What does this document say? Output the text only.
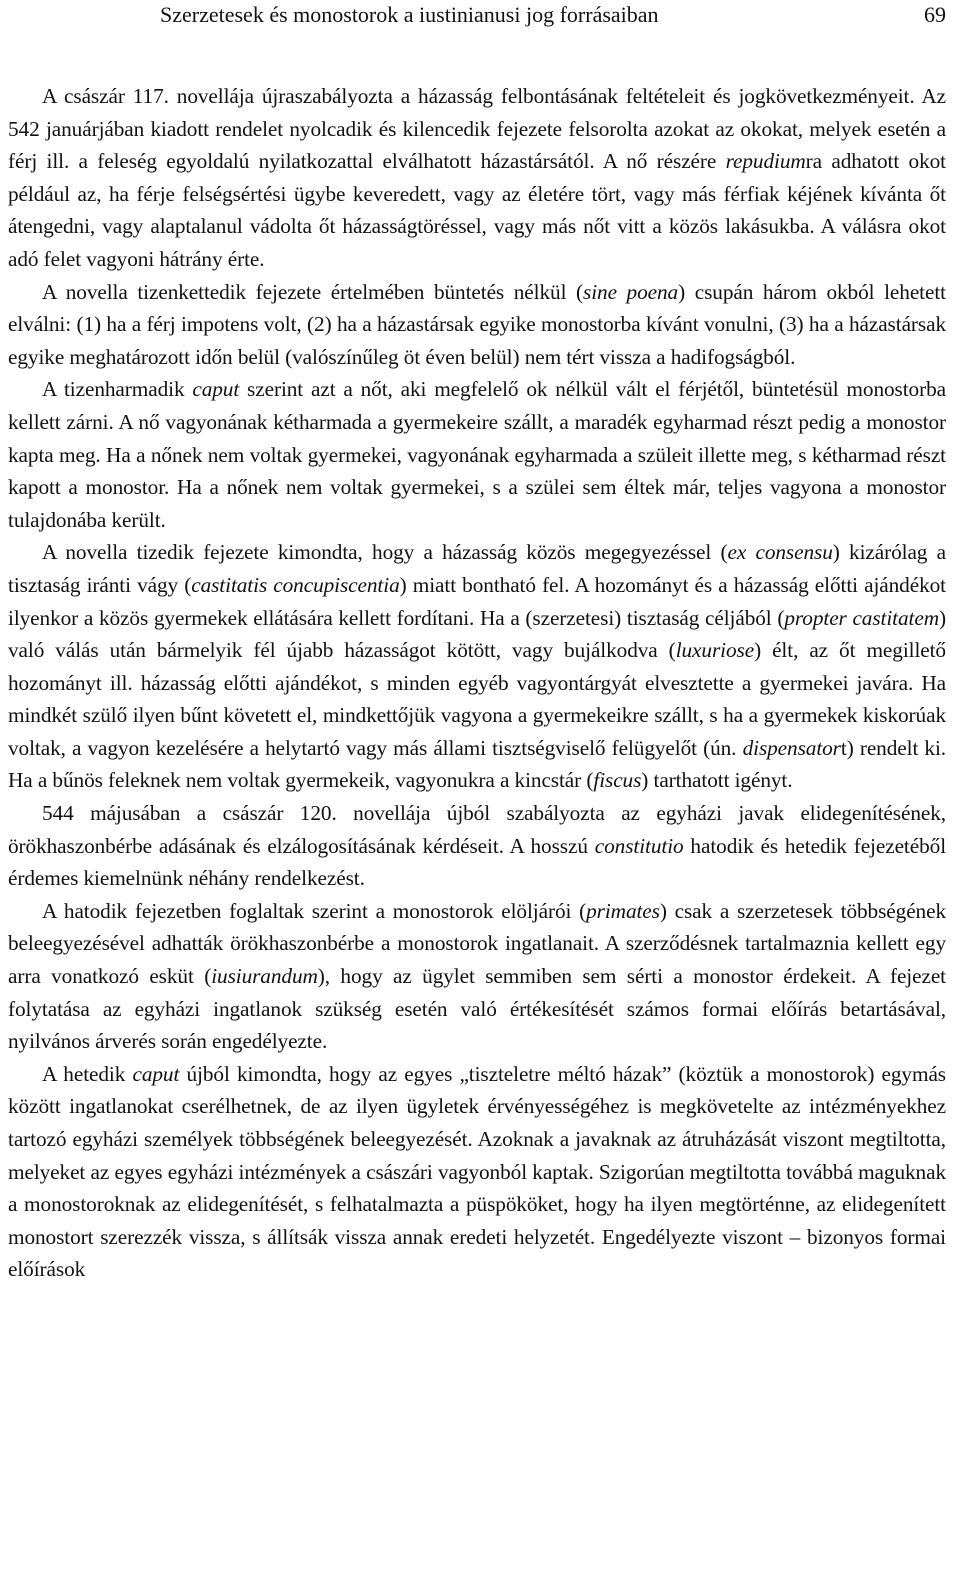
Szerzetesek és monostorok a iustinianusi jog forrásaiban	69

A császár 117. novellája újraszabályozta a házasság felbontásának feltételeit és jogkövetkezményeit. Az 542 januárjában kiadott rendelet nyolcadik és kilencedik fejezete felsorolta azokat az okokat, melyek esetén a férj ill. a feleség egyoldalú nyilatkozattal elválhatott házastársától. A nő részére repudiumra adhatott okot például az, ha férje felségsértési ügybe keveredett, vagy az életére tört, vagy más férfiak kéjének kívánta őt átengedni, vagy alaptalanul vádolta őt házasságtöréssel, vagy más nőt vitt a közös lakásukba. A válásra okot adó felet vagyoni hátrány érte.

A novella tizenkettedik fejezete értelmében büntetés nélkül (sine poena) csupán három okból lehetett elválni: (1) ha a férj impotens volt, (2) ha a házastársak egyike monostorba kívánt vonulni, (3) ha a házastársak egyike meghatározott időn belül (valószínűleg öt éven belül) nem tért vissza a hadifogságból.

A tizenharmadik caput szerint azt a nőt, aki megfelelő ok nélkül vált el férjétől, büntetésül monostorba kellett zárni. A nő vagyonának kétharmada a gyermekeire szállt, a maradék egyharmad részt pedig a monostor kapta meg. Ha a nőnek nem voltak gyermekei, vagyonának egyharmada a szüleit illette meg, s kétharmad részt kapott a monostor. Ha a nőnek nem voltak gyermekei, s a szülei sem éltek már, teljes vagyona a monostor tulajdonába került.

A novella tizedik fejezete kimondta, hogy a házasság közös megegyezéssel (ex consensu) kizárólag a tisztaság iránti vágy (castitatis concupiscentia) miatt bontható fel. A hozományt és a házasság előtti ajándékot ilyenkor a közös gyermekek ellátására kellett fordítani. Ha a (szerzetesi) tisztaság céljából (propter castitatem) való válás után bármelyik fél újabb házasságot kötött, vagy bujálkodva (luxuriose) élt, az őt megillető hozományt ill. házasság előtti ajándékot, s minden egyéb vagyontárgyát elvesztette a gyermekei javára. Ha mindkét szülő ilyen bűnt követett el, mindkettőjük vagyona a gyermekeikre szállt, s ha a gyermekek kiskorúak voltak, a vagyon kezelésére a helytartó vagy más állami tisztségviselő felügyelőt (ún. dispensatort) rendelt ki. Ha a bűnös feleknek nem voltak gyermekeik, vagyonukra a kincstár (fiscus) tarthatott igényt.

544 májusában a császár 120. novellája újból szabályozta az egyházi javak elidegenítésének, örökhaszonbérbe adásának és elzálogosításának kérdéseit. A hosszú constitutio hatodik és hetedik fejezetéből érdemes kiemelnünk néhány rendelkezést.

A hatodik fejezetben foglaltak szerint a monostorok elöljárói (primates) csak a szerzetesek többségének beleegyezésével adhatták örökhaszonbérbe a monostorok ingatlanait. A szerződésnek tartalmaznia kellett egy arra vonatkozó esküt (iusiurandum), hogy az ügylet semmiben sem sérti a monostor érdekeit. A fejezet folytatása az egyházi ingatlanok szükség esetén való értékesítését számos formai előírás betartásával, nyilvános árverés során engedélyezte.

A hetedik caput újból kimondta, hogy az egyes „tiszteletre méltó házak” (köztük a monostorok) egymás között ingatlanokat cserélhetnek, de az ilyen ügyletek érvényességéhez is megkövetelte az intézményekhez tartozó egyházi személyek többségének beleegyezését. Azoknak a javaknak az átruházását viszont megtiltotta, melyeket az egyes egyházi intézmények a császári vagyonból kaptak. Szigorúan megtiltotta továbbá maguknak a monostoroknak az elidegenítését, s felhatalmazta a püspököket, hogy ha ilyen megtörténne, az elidegenített monostort szerezzék vissza, s állítsák vissza annak eredeti helyzetét. Engedélyezte viszont – bizonyos formai előírások
